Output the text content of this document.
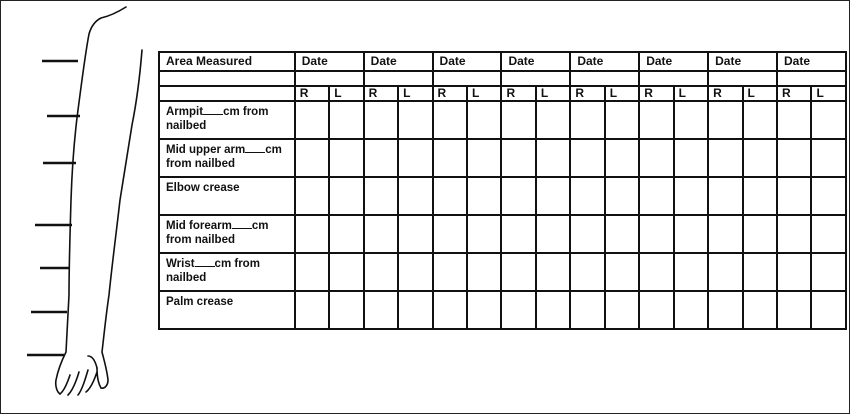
Area Measured	Date		Date		Date		Date		Date		Date		Date		Date	

	R	L	R	L	R	L	R	L	R	L	R	L	R	L	R	L

Armpit cm from
nailbed																

Mid upper arm cm
from nailbed																

Elbow crease																

Mid forearm cm
from nailbed																

Wrist cm from
nailbed																

Palm crease																
